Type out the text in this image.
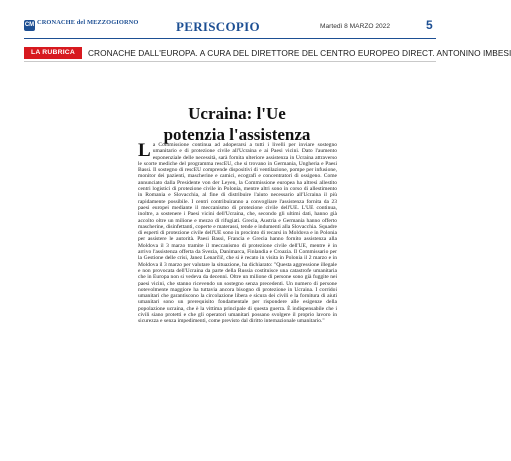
CM CRONACHE del MEZZOGIORNO	PERISCOPIO	Martedì 8 MARZO 2022	5
LA RUBRICA	CRONACHE DALL'EUROPA. A CURA DEL DIRETTORE DEL CENTRO EUROPEO DIRECT. ANTONINO IMBESI
Ucraina: l'Ue
potenzia l'assistenza
La Commissione continua ad adoperarsi a tutti i livelli per inviare sostegno umanitario e di protezione civile all'Ucraina e ai Paesi vicini. Dato l'aumento esponenziale delle necessità, sarà fornita ulteriore assistenza in Ucraina attraverso le scorte mediche del programma rescEU, che si trovano in Germania, Ungheria e Paesi Bassi. Il sostegno di rescEU comprende dispositivi di ventilazione, pompe per infusione, monitor dei pazienti, mascherine e camici, ecografi e concentratori di ossigeno. Come annunciato dalla Presidente von der Leyen, la Commissione europea ha altresì allestito centri logistici di protezione civile in Polonia, mentre altri sono in corso di allestimento in Romania e Slovacchia, al fine di distribuire l'aiuto necessario all'Ucraina il più rapidamente possibile. I centri contribuiranno a convogliare l'assistenza fornita da 23 paesi europei mediante il meccanismo di protezione civile dell'UE. L'UE continua, inoltre, a sostenere i Paesi vicini dell'Ucraina, che, secondo gli ultimi dati, hanno già accolto oltre un milione e mezzo di rifugiati. Grecia, Austria e Germania hanno offerto mascherine, disinfettanti, coperte e materassi, tende e indumenti alla Slovacchia. Squadre di esperti di protezione civile dell'UE sono in procinto di recarsi in Moldova e in Polonia per assistere le autorità. Paesi Bassi, Francia e Grecia hanno fornito assistenza alla Moldova il 3 marzo tramite il meccanismo di protezione civile dell'UE, mentre è in arrivo l'assistenza offerta da Svezia, Danimarca, Finlandia e Croazia. Il Commissario per la Gestione delle crisi, Janez Lenarčič, che si è recato in visita in Polonia il 2 marzo e in Moldova il 3 marzo per valutare la situazione, ha dichiarato: "Questa aggressione illegale e non provocata dell'Ucraina da parte della Russia costituisce una catastrofe umanitaria che in Europa non si vedeva da decenni. Oltre un milione di persone sono già fuggite nei paesi vicini, che stanno ricevendo un sostegno senza precedenti. Un numero di persone notevolmente maggiore ha tuttavia ancora bisogno di protezione in Ucraina. I corridoi umanitari che garantiscono la circolazione libera e sicura dei civili e la fornitura di aiuti umanitari sono un prerequisito fondamentale per rispondere alle esigenze della popolazione ucraina, che è la vittima principale di questa guerra. È indispensabile che i civili siano protetti e che gli operatori umanitari possano svolgere il proprio lavoro in sicurezza e senza impedimenti, come previsto dal diritto internazionale umanitario."
